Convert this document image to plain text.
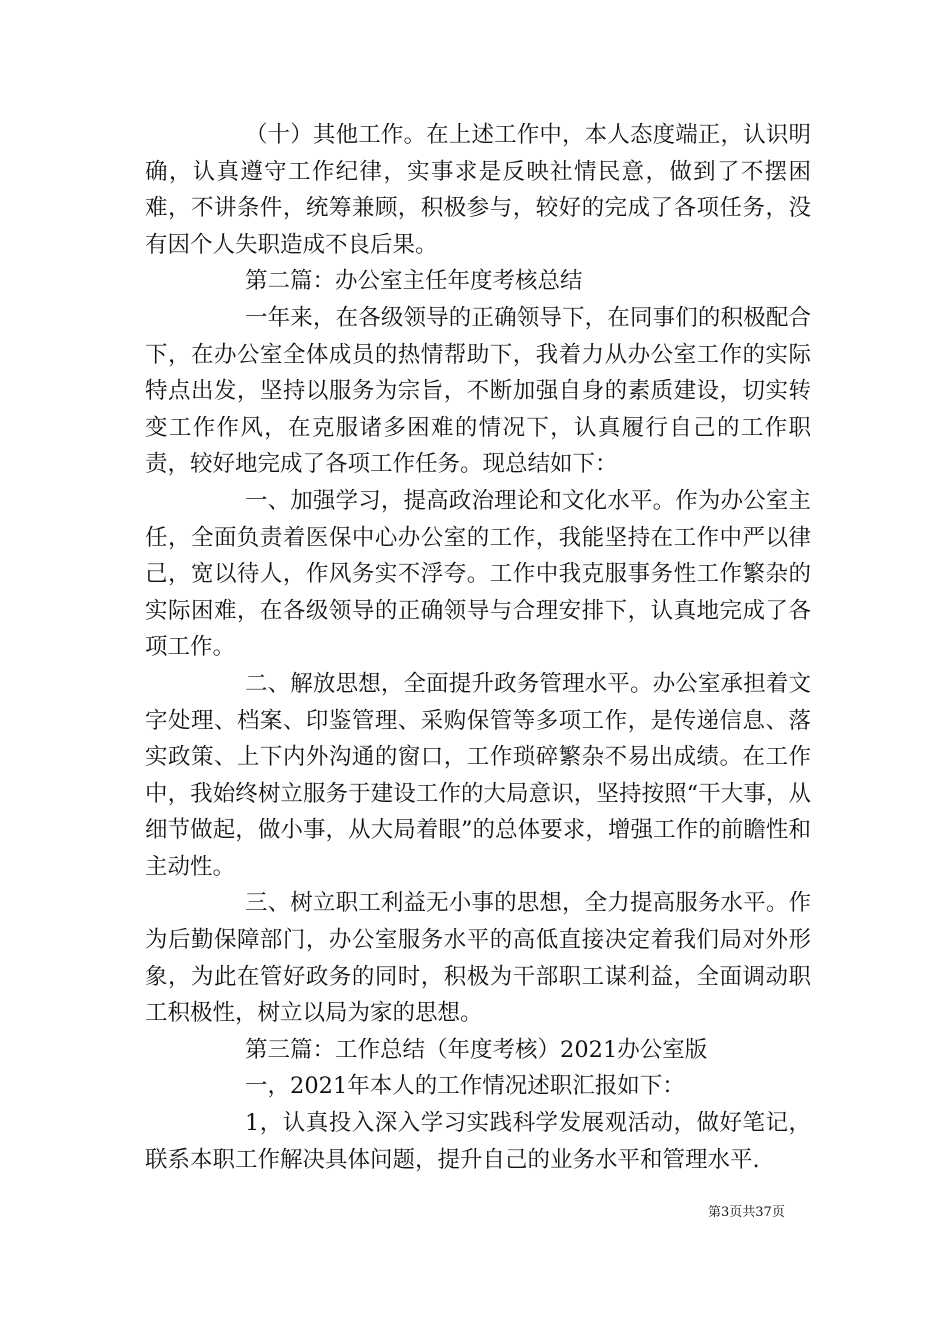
（十）其他工作。在上述工作中，本人态度端正，认识明确，认真遵守工作纪律，实事求是反映社情民意，做到了不摆困难，不讲条件，统筹兼顾，积极参与，较好的完成了各项任务，没有因个人失职造成不良后果。

第二篇：办公室主任年度考核总结

一年来，在各级领导的正确领导下，在同事们的积极配合下，在办公室全体成员的热情帮助下，我着力从办公室工作的实际特点出发，坚持以服务为宗旨，不断加强自身的素质建设，切实转变工作作风，在克服诸多困难的情况下，认真履行自己的工作职责，较好地完成了各项工作任务。现总结如下：

一、加强学习，提高政治理论和文化水平。作为办公室主任，全面负责着医保中心办公室的工作，我能坚持在工作中严以律己，宽以待人，作风务实不浮夸。工作中我克服事务性工作繁杂的实际困难，在各级领导的正确领导与合理安排下，认真地完成了各项工作。

二、解放思想，全面提升政务管理水平。办公室承担着文字处理、档案、印鉴管理、采购保管等多项工作，是传递信息、落实政策、上下内外沟通的窗口，工作琐碎繁杂不易出成绩。在工作中，我始终树立服务于建设工作的大局意识，坚持按照“干大事，从细节做起，做小事，从大局着眼”的总体要求，增强工作的前瞻性和主动性。

三、树立职工利益无小事的思想，全力提高服务水平。作为后勤保障部门，办公室服务水平的高低直接决定着我们局对外形象，为此在管好政务的同时，积极为干部职工谋利益，全面调动职工积极性，树立以局为家的思想。

第三篇：工作总结（年度考核）2021办公室版

一，2021年本人的工作情况述职汇报如下：

1，认真投入深入学习实践科学发展观活动，做好笔记，联系本职工作解决具体问题，提升自己的业务水平和管理水平.

第3页共37页
